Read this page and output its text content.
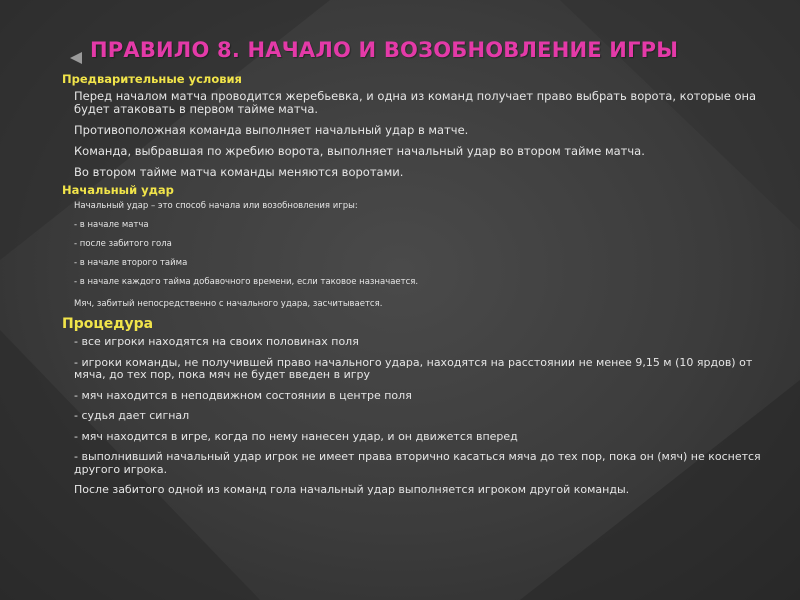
ПРАВИЛО 8. НАЧАЛО И ВОЗОБНОВЛЕНИЕ ИГРЫ
Предварительные условия

Перед началом матча проводится жеребьевка, и одна из команд получает право выбрать ворота, которые она будет атаковать в первом тайме матча.

Противоположная команда выполняет начальный удар в матче.

Команда, выбравшая по жребию ворота, выполняет начальный удар во втором тайме матча.

Во втором тайме матча команды меняются воротами.

Начальный удар

Начальный удар – это способ начала или возобновления игры:

- в начале матча

- после забитого гола

- в начале второго тайма

- в начале каждого тайма добавочного времени, если таковое назначается.

Мяч, забитый непосредственно с начального удара, засчитывается.

Процедура

- все игроки находятся на своих половинах поля

- игроки команды, не получившей право начального удара, находятся на расстоянии не менее 9,15 м (10 ярдов) от мяча, до тех пор, пока мяч не будет введен в игру

- мяч находится в неподвижном состоянии в центре поля

- судья дает сигнал

- мяч находится в игре, когда по нему нанесен удар, и он движется вперед

- выполнивший начальный удар игрок не имеет права вторично касаться мяча до тех пор, пока он (мяч) не коснется другого игрока.

После забитого одной из команд гола начальный удар выполняется игроком другой команды.
